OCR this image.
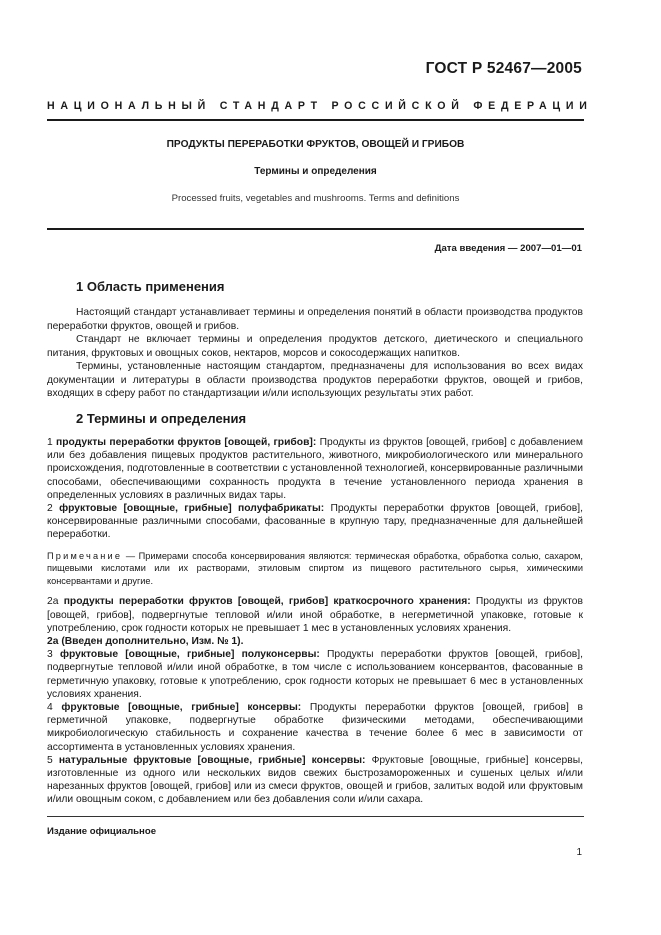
ГОСТ Р 52467—2005
НАЦИОНАЛЬНЫЙ СТАНДАРТ РОССИЙСКОЙ ФЕДЕРАЦИИ
ПРОДУКТЫ ПЕРЕРАБОТКИ ФРУКТОВ, ОВОЩЕЙ И ГРИБОВ
Термины и определения
Processed fruits, vegetables and mushrooms. Terms and definitions
Дата введения — 2007—01—01
1 Область применения

Настоящий стандарт устанавливает термины и определения понятий в области производства продуктов переработки фруктов, овощей и грибов.

Стандарт не включает термины и определения продуктов детского, диетического и специального питания, фруктовых и овощных соков, нектаров, морсов и сокосодержащих напитков.

Термины, установленные настоящим стандартом, предназначены для использования во всех видах документации и литературы в области производства продуктов переработки фруктов, овощей и грибов, входящих в сферу работ по стандартизации и/или использующих результаты этих работ.

2 Термины и определения

1 продукты переработки фруктов [овощей, грибов]: Продукты из фруктов [овощей, грибов] с добавлением или без добавления пищевых продуктов растительного, животного, микробиологического или минерального происхождения, подготовленные в соответствии с установленной технологией, консервированные различными способами, обеспечивающими сохранность продукта в течение установленного периода хранения в определенных условиях в различных видах тары.

2 фруктовые [овощные, грибные] полуфабрикаты: Продукты переработки фруктов [овощей, грибов], консервированные различными способами, фасованные в крупную тару, предназначенные для дальнейшей переработки.

Примечание — Примерами способа консервирования являются: термическая обработка, обработка солью, сахаром, пищевыми кислотами или их растворами, этиловым спиртом из пищевого растительного сырья, химическими консервантами и другие.

2а продукты переработки фруктов [овощей, грибов] краткосрочного хранения: Продукты из фруктов [овощей, грибов], подвергнутые тепловой и/или иной обработке, в негерметичной упаковке, готовые к употреблению, срок годности которых не превышает 1 мес в установленных условиях хранения.

2а (Введен дополнительно, Изм. № 1).

3 фруктовые [овощные, грибные] полуконсервы: Продукты переработки фруктов [овощей, грибов], подвергнутые тепловой и/или иной обработке, в том числе с использованием консервантов, фасованные в герметичную упаковку, готовые к употреблению, срок годности которых не превышает 6 мес в установленных условиях хранения.

4 фруктовые [овощные, грибные] консервы: Продукты переработки фруктов [овощей, грибов] в герметичной упаковке, подвергнутые обработке физическими методами, обеспечивающими микробиологическую стабильность и сохранение качества в течение более 6 мес в зависимости от ассортимента в установленных условиях хранения.

5 натуральные фруктовые [овощные, грибные] консервы: Фруктовые [овощные, грибные] консервы, изготовленные из одного или нескольких видов свежих быстрозамороженных и сушеных целых и/или нарезанных фруктов [овощей, грибов] или из смеси фруктов, овощей и грибов, залитых водой или фруктовым и/или овощным соком, с добавлением или без добавления соли и/или сахара.

Издание официальное
1
